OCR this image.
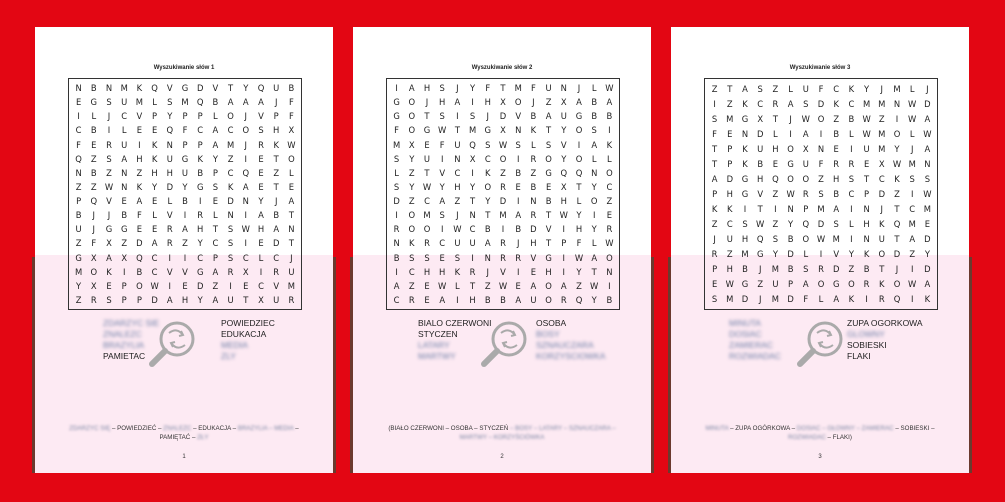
Wyszukiwanie słów 1
N	B	N	M	K	Q	V	G	D	V	T	Y	Q	U	B
E	G	S	U	M	L	S	M Q	B	A	A	A	J	F
I	L	J	C	V	P	Y	P	P	L	O	J	V	P	F
C	B	I	L	E	E	Q	F	C	A	C	O	S	H	X
F	E	R	U	I	K	N	P	P	A	M	J	R	K W
Q	Z	S	A	H	K	U	G	K	Y	Z	I	E	T	O
N	B	Z	N	Z	H	H	U	B	P	C	Q	E	Z	L
Z	Z W N	K	Y	D	Y	G	S	K	A	E	T	E
P	Q	V	E	A	E	L	B	I	E	D	N	Y	J	A
B	J	J	B	F	L	V	I	R	L	N	I	A	B	T
U	J	G	G	E	E	R	A	H	T	S W H	A	N
Z	F	X	Z	D	A	R	Z	Y	C	S	I	E	D	T
G	X	A	X	Q	C	I	I	C	P	S	C	L	C	J
M O	K	I	B	C	V	V	G	A	R	X	I	R	U
Y	X	E	P	O W	I	E	D	Z	I	E	C	V	M
Z	R	S	P	P	D	A	H	Y	A	U	T	X	U	R
ZDARZYC SIE
ZNALEZC
BRAZYLIA
PAMIETAC
POWIEDZIEC
EDUKACJA
MEDIA
ZLY
ZDARZYĆ SIĘ – POWIEDZIEĆ – ZNALEŹĆ – EDUKACJA – BRAZYLIA – MEDIA –
PAMIĘTAĆ – ZŁY
1
Wyszukiwanie słów 2
I	A	H	S	J	Y	F	T	M	F	U	N	J	L	W
G	O	J	H	A	I	H	X	O	J	Z	X	A	B	A
G	O	T	S	I	S	J	D	V	B	A	U	G	B	B
F	O	G W	T	M G	X	N	K	T	Y	O	S	I
M	X	E	F	U	Q	S W	S	L	S	V	I	A	K
S	Y	U	I	N	X	C	O	I	R	O	Y	O	L	L
L	Z	T	V	C	I	K	Z	B	Z	G	Q	Q	N	O
S	Y	W	Y	H	Y	O	R	E	B	E	X	T	Y	C
D	Z	C	A	Z	T	Y	D	I	N	B	H	L	O	Z
I	O M	S	J	N	T	M	A	R	T	W	Y	I	E
R	O	O	I	W C	B	I	B	D	V	I	H	Y	R
N	K	R	C	U	U	A	R	J	H	T	P	F	L	W
B	S	S	E	S	I	N	R	R	V	G	I	W A	O
I	C	H	H	K	R	J	V	I	E	H	I	Y	T	N
A	Z	E	W	L	T	Z W	E	A	O	A	Z W	I
C	R	E	A	I	H	B	B	A	U	O	R	Q	Y	B
BIALO CZERWONI
STYCZEN
LATARY
MARTWY
OSOBA
BOSY
SZNAUCZARA
KORZYSCIOWKA
(BIAŁO CZERWONI – OSOBA – STYCZEŃ – BOSY – LATARY – SZNAUCZARA – MARTWY – KORZYŚCIÓWKA
2
Wyszukiwanie słów 3
Z	T	A	S	Z	L	U	F	C	K	Y	J	M	L	J
I	Z	K	C	R	A	S	D	K	C	M M	N W D
S	M G	X	T	J	W O	Z	B W Z	I	W A
F	E	N	D	L	I	A	I	B	L	W M O	L	W
T	P	K	U	H	O	X	N	E	I	U	M	Y	J	A
T	P	K	B	E	G	U	F	R	R	E	X W M	N
A	D	G	H	Q	O	O	Z	H	S	T	C	K	S	S
P	H	G	V	Z W R	S	B	C	P	D	Z	I	W
K	K	I	T	I	N	P	M	A	I	N	J	T	C	M
Z	C	S W Z	Y	Q	D	S	L	H	K	Q M	E
J	U	H	Q	S	B	O W M	I	N	U	T	A	D
R	Z	M G	Y	D	L	I	V	Y	K	O	D	Z	Y
P	H	B	J	M	B	S	R	D	Z	B	T	J	I	D
E	W G	Z	U	P	A	O	G	O	R	K	O W A
S	M D	J	M D	F	L	A	K	I	R	Q	I	K
MINUTA
DOSIAC
ZAMIERAC
ROZWIADAC
ZUPA OGORKOWA
GLOWNY
SOBIESKI
FLAKI
MINUTA – ZUPA OGÓRKOWA – DOSIAĆ – GŁÓWNY – ZAMIERAĆ – SOBIESKI –
ROZWIADAĆ – FLAKI)
3
